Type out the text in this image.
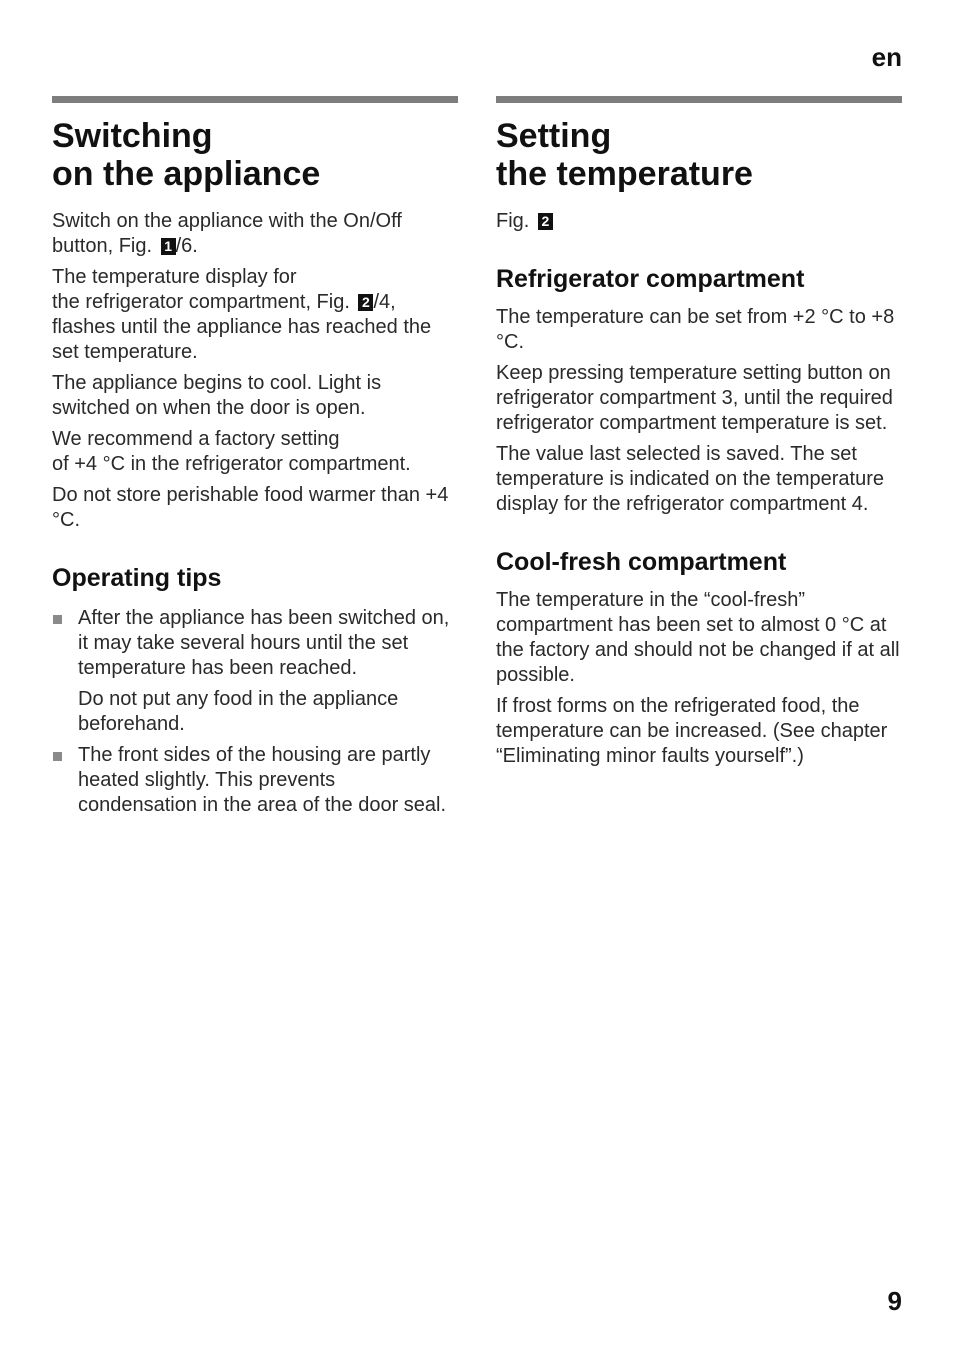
en
Switching
on the appliance

Switch on the appliance with the On/Off button, Fig. 1 /6.

The temperature display for
the refrigerator compartment, Fig. 2 /4, flashes until the appliance has reached the set temperature.

The appliance begins to cool. Light is switched on when the door is open.

We recommend a factory setting
of +4 °C in the refrigerator compartment.

Do not store perishable food warmer than +4 °C.

Operating tips

After the appliance has been switched on, it may take several hours until the set temperature has been reached.

Do not put any food in the appliance beforehand.

The front sides of the housing are partly heated slightly. This prevents condensation in the area of the door seal.

Setting
the temperature

Fig. 2

Refrigerator compartment

The temperature can be set from +2 °C to +8 °C.

Keep pressing temperature setting button on refrigerator compartment 3, until the required refrigerator compartment temperature is set.

The value last selected is saved. The set temperature is indicated on the temperature display for the refrigerator compartment 4.

Cool-fresh compartment

The temperature in the “cool-fresh” compartment has been set to almost 0 °C at the factory and should not be changed if at all possible.

If frost forms on the refrigerated food, the temperature can be increased. (See chapter “Eliminating minor faults yourself”.)

9
